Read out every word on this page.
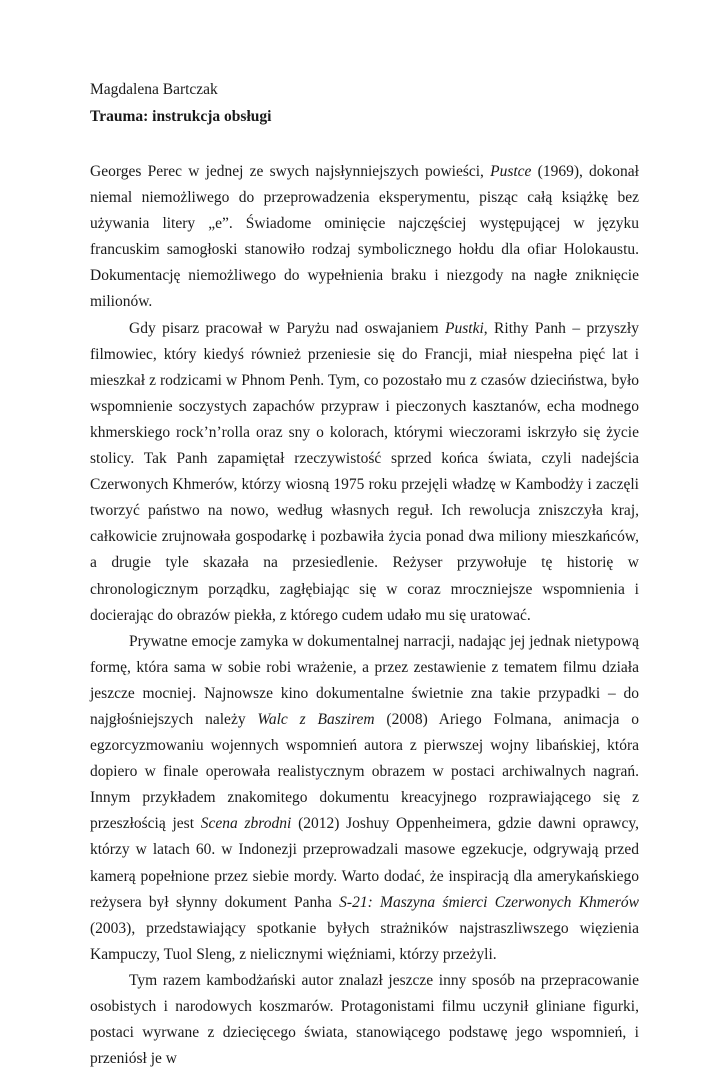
Magdalena Bartczak

Trauma: instrukcja obsługi

Georges Perec w jednej ze swych najsłynniejszych powieści, Pustce (1969), dokonał niemal niemożliwego do przeprowadzenia eksperymentu, pisząc całą książkę bez używania litery „e”. Świadome ominięcie najczęściej występującej w języku francuskim samogłoski stanowiło rodzaj symbolicznego hołdu dla ofiar Holokaustu. Dokumentację niemożliwego do wypełnienia braku i niezgody na nagłe zniknięcie milionów.

Gdy pisarz pracował w Paryżu nad oswajaniem Pustki, Rithy Panh – przyszły filmowiec, który kiedyś również przeniesie się do Francji, miał niespełna pięć lat i mieszkał z rodzicami w Phnom Penh. Tym, co pozostało mu z czasów dzieciństwa, było wspomnienie soczystych zapachów przypraw i pieczonych kasztanów, echa modnego khmerskiego rock’n’rolla oraz sny o kolorach, którymi wieczorami iskrzyło się życie stolicy. Tak Panh zapamiętał rzeczywistość sprzed końca świata, czyli nadejścia Czerwonych Khmerów, którzy wiosną 1975 roku przejęli władzę w Kambodży i zaczęli tworzyć państwo na nowo, według własnych reguł. Ich rewolucja zniszczyła kraj, całkowicie zrujnowała gospodarkę i pozbawiła życia ponad dwa miliony mieszkańców, a drugie tyle skazała na przesiedlenie. Reżyser przywołuje tę historię w chronologicznym porządku, zagłębiając się w coraz mroczniejsze wspomnienia i docierając do obrazów piekła, z którego cudem udało mu się uratować.

Prywatne emocje zamyka w dokumentalnej narracji, nadając jej jednak nietypową formę, która sama w sobie robi wrażenie, a przez zestawienie z tematem filmu działa jeszcze mocniej. Najnowsze kino dokumentalne świetnie zna takie przypadki – do najgłośniejszych należy Walc z Baszirem (2008) Ariego Folmana, animacja o egzorcyzmowaniu wojennych wspomnień autora z pierwszej wojny libańskiej, która dopiero w finale operowała realistycznym obrazem w postaci archiwalnych nagrań. Innym przykładem znakomitego dokumentu kreacyjnego rozprawiającego się z przeszłością jest Scena zbrodni (2012) Joshuy Oppenheimera, gdzie dawni oprawcy, którzy w latach 60. w Indonezji przeprowadzali masowe egzekucje, odgrywają przed kamerą popełnione przez siebie mordy. Warto dodać, że inspiracją dla amerykańskiego reżysera był słynny dokument Panha S-21: Maszyna śmierci Czerwonych Khmerów (2003), przedstawiający spotkanie byłych strażników najstraszliwszego więzienia Kampuczy, Tuol Sleng, z nielicznymi więźniami, którzy przeżyli.

Tym razem kambodżański autor znalazł jeszcze inny sposób na przepracowanie osobistych i narodowych koszmarów. Protagonistami filmu uczynił gliniane figurki, postaci wyrwane z dziecięcego świata, stanowiącego podstawę jego wspomnień, i przeniósł je w
